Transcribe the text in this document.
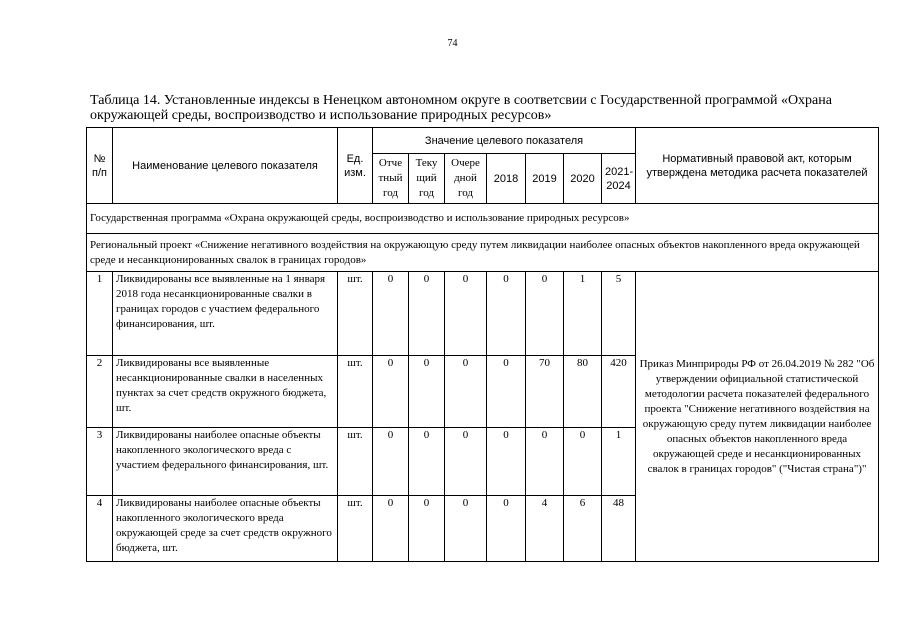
74
Таблица 14. Установленные индексы в Ненецком автономном округе в соответсвии с Государственной программой «Охрана окружающей среды, воспроизводство и использование природных ресурсов»
№ п/п	Наименование целевого показателя	Ед. изм.	Значение целевого показателя							Нормативный правовой акт, которым утверждена методика расчета показателей
			Отче тный год	Теку щий год	Очере дной год	2018	2019	2020	2021-2024	
Государственная программа «Охрана окружающей среды, воспроизводство и использование природных ресурсов»										
Региональный проект «Снижение негативного воздействия на окружающую среду путем ликвидации наиболее опасных объектов накопленного вреда окружающей среде и несанкционированных свалок в границах городов»										
1	Ликвидированы все выявленные на 1 января 2018 года несанкционированные свалки в границах городов с участием федерального финансирования, шт.	шт.	0	0	0	0	0	1	5	Приказ Минприроды РФ от 26.04.2019 № 282 "Об утверждении официальной статистической методологии расчета показателей федерального проекта "Снижение негативного воздействия на окружающую среду путем ликвидации наиболее опасных объектов накопленного вреда окружающей среде и несанкционированных свалок в границах городов" ("Чистая страна")"
2	Ликвидированы все выявленные несанкционированные свалки в населенных пунктах за счет средств окружного бюджета, шт.	шт.	0	0	0	0	70	80	420	
3	Ликвидированы наиболее опасные объекты накопленного экологического вреда с участием федерального финансирования, шт.	шт.	0	0	0	0	0	0	1	
4	Ликвидированы наиболее опасные объекты накопленного экологического вреда окружающей среде за счет средств окружного бюджета, шт.	шт.	0	0	0	0	4	6	48	
